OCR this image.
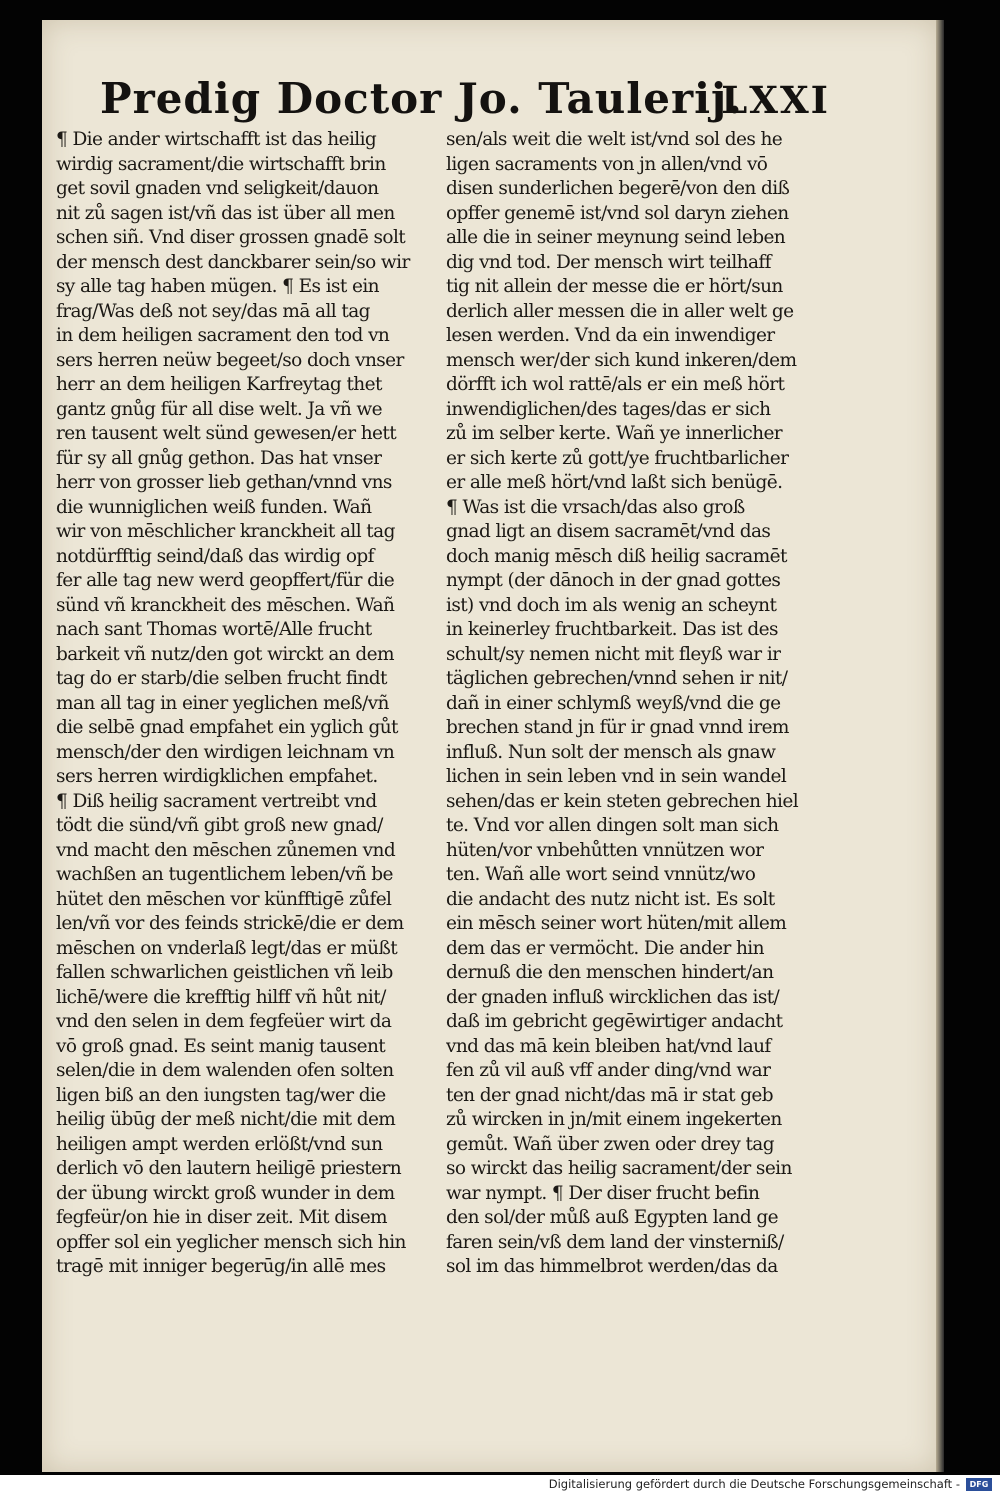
Predig Doctor Jo. Taulerij.
LXXI
¶ Die ander wirtschafft ist das heilig
wirdig sacrament/die wirtschafft brin
get sovil gnaden vnd seligkeit/dauon
nit zů sagen ist/vñ das ist über all men
schen siñ. Vnd diser grossen gnadē solt
der mensch dest danckbarer sein/so wir
sy alle tag haben mügen. ¶ Es ist ein
frag/Was deß not sey/das mā all tag
in dem heiligen sacrament den tod vn
sers herren neüw begeet/so doch vnser
herr an dem heiligen Karfreytag thet
gantz gnůg für all dise welt. Ja vñ we
ren tausent welt sünd gewesen/er hett
für sy all gnůg gethon. Das hat vnser
herr von grosser lieb gethan/vnnd vns
die wunniglichen weiß funden. Wañ
wir von mēschlicher kranckheit all tag
notdürfftig seind/daß das wirdig opf
fer alle tag new werd geopffert/für die
sünd vñ kranckheit des mēschen. Wañ
nach sant Thomas wortē/Alle frucht
barkeit vñ nutz/den got wirckt an dem
tag do er starb/die selben frucht findt
man all tag in einer yeglichen meß/vñ
die selbē gnad empfahet ein yglich gůt
mensch/der den wirdigen leichnam vn
sers herren wirdigklichen empfahet.
¶ Diß heilig sacrament vertreibt vnd
tödt die sünd/vñ gibt groß new gnad/
vnd macht den mēschen zůnemen vnd
wachßen an tugentlichem leben/vñ be
hütet den mēschen vor künfftigē zůfel
len/vñ vor des feinds strickē/die er dem
mēschen on vnderlaß legt/das er müßt
fallen schwarlichen geistlichen vñ leib
lichē/were die krefftig hilff vñ hůt nit/
vnd den selen in dem fegfeüer wirt da
vō groß gnad. Es seint manig tausent
selen/die in dem walenden ofen solten
ligen biß an den iungsten tag/wer die
heilig übūg der meß nicht/die mit dem
heiligen ampt werden erlößt/vnd sun
derlich vō den lautern heiligē priestern
der übung wirckt groß wunder in dem
fegfeür/on hie in diser zeit. Mit disem
opffer sol ein yeglicher mensch sich hin
tragē mit inniger begerūg/in allē mes
sen/als weit die welt ist/vnd sol des he
ligen sacraments von jn allen/vnd vō
disen sunderlichen begerē/von den diß
opffer genemē ist/vnd sol daryn ziehen
alle die in seiner meynung seind leben
dig vnd tod. Der mensch wirt teilhaff
tig nit allein der messe die er hört/sun
derlich aller messen die in aller welt ge
lesen werden. Vnd da ein inwendiger
mensch wer/der sich kund inkeren/dem
dörfft ich wol rattē/als er ein meß hört
inwendiglichen/des tages/das er sich
zů im selber kerte. Wañ ye innerlicher
er sich kerte zů gott/ye fruchtbarlicher
er alle meß hört/vnd laßt sich benügē.
¶ Was ist die vrsach/das also groß
gnad ligt an disem sacramēt/vnd das
doch manig mēsch diß heilig sacramēt
nympt (der dānoch in der gnad gottes
ist) vnd doch im als wenig an scheynt
in keinerley fruchtbarkeit. Das ist des
schult/sy nemen nicht mit fleyß war ir
täglichen gebrechen/vnnd sehen ir nit/
dañ in einer schlymß weyß/vnd die ge
brechen stand jn für ir gnad vnnd irem
influß. Nun solt der mensch als gnaw
lichen in sein leben vnd in sein wandel
sehen/das er kein steten gebrechen hiel
te. Vnd vor allen dingen solt man sich
hüten/vor vnbehůtten vnnützen wor
ten. Wañ alle wort seind vnnütz/wo
die andacht des nutz nicht ist. Es solt
ein mēsch seiner wort hüten/mit allem
dem das er vermöcht. Die ander hin
dernuß die den menschen hindert/an
der gnaden influß wircklichen das ist/
daß im gebricht gegēwirtiger andacht
vnd das mā kein bleiben hat/vnd lauf
fen zů vil auß vff ander ding/vnd war
ten der gnad nicht/das mā ir stat geb
zů wircken in jn/mit einem ingekerten
gemůt. Wañ über zwen oder drey tag
so wirckt das heilig sacrament/der sein
war nympt. ¶ Der diser frucht befin
den sol/der můß auß Egypten land ge
faren sein/vß dem land der vinsterniß/
sol im das himmelbrot werden/das da
Digitalisierung gefördert durch die Deutsche Forschungsgemeinschaft -	DFG
